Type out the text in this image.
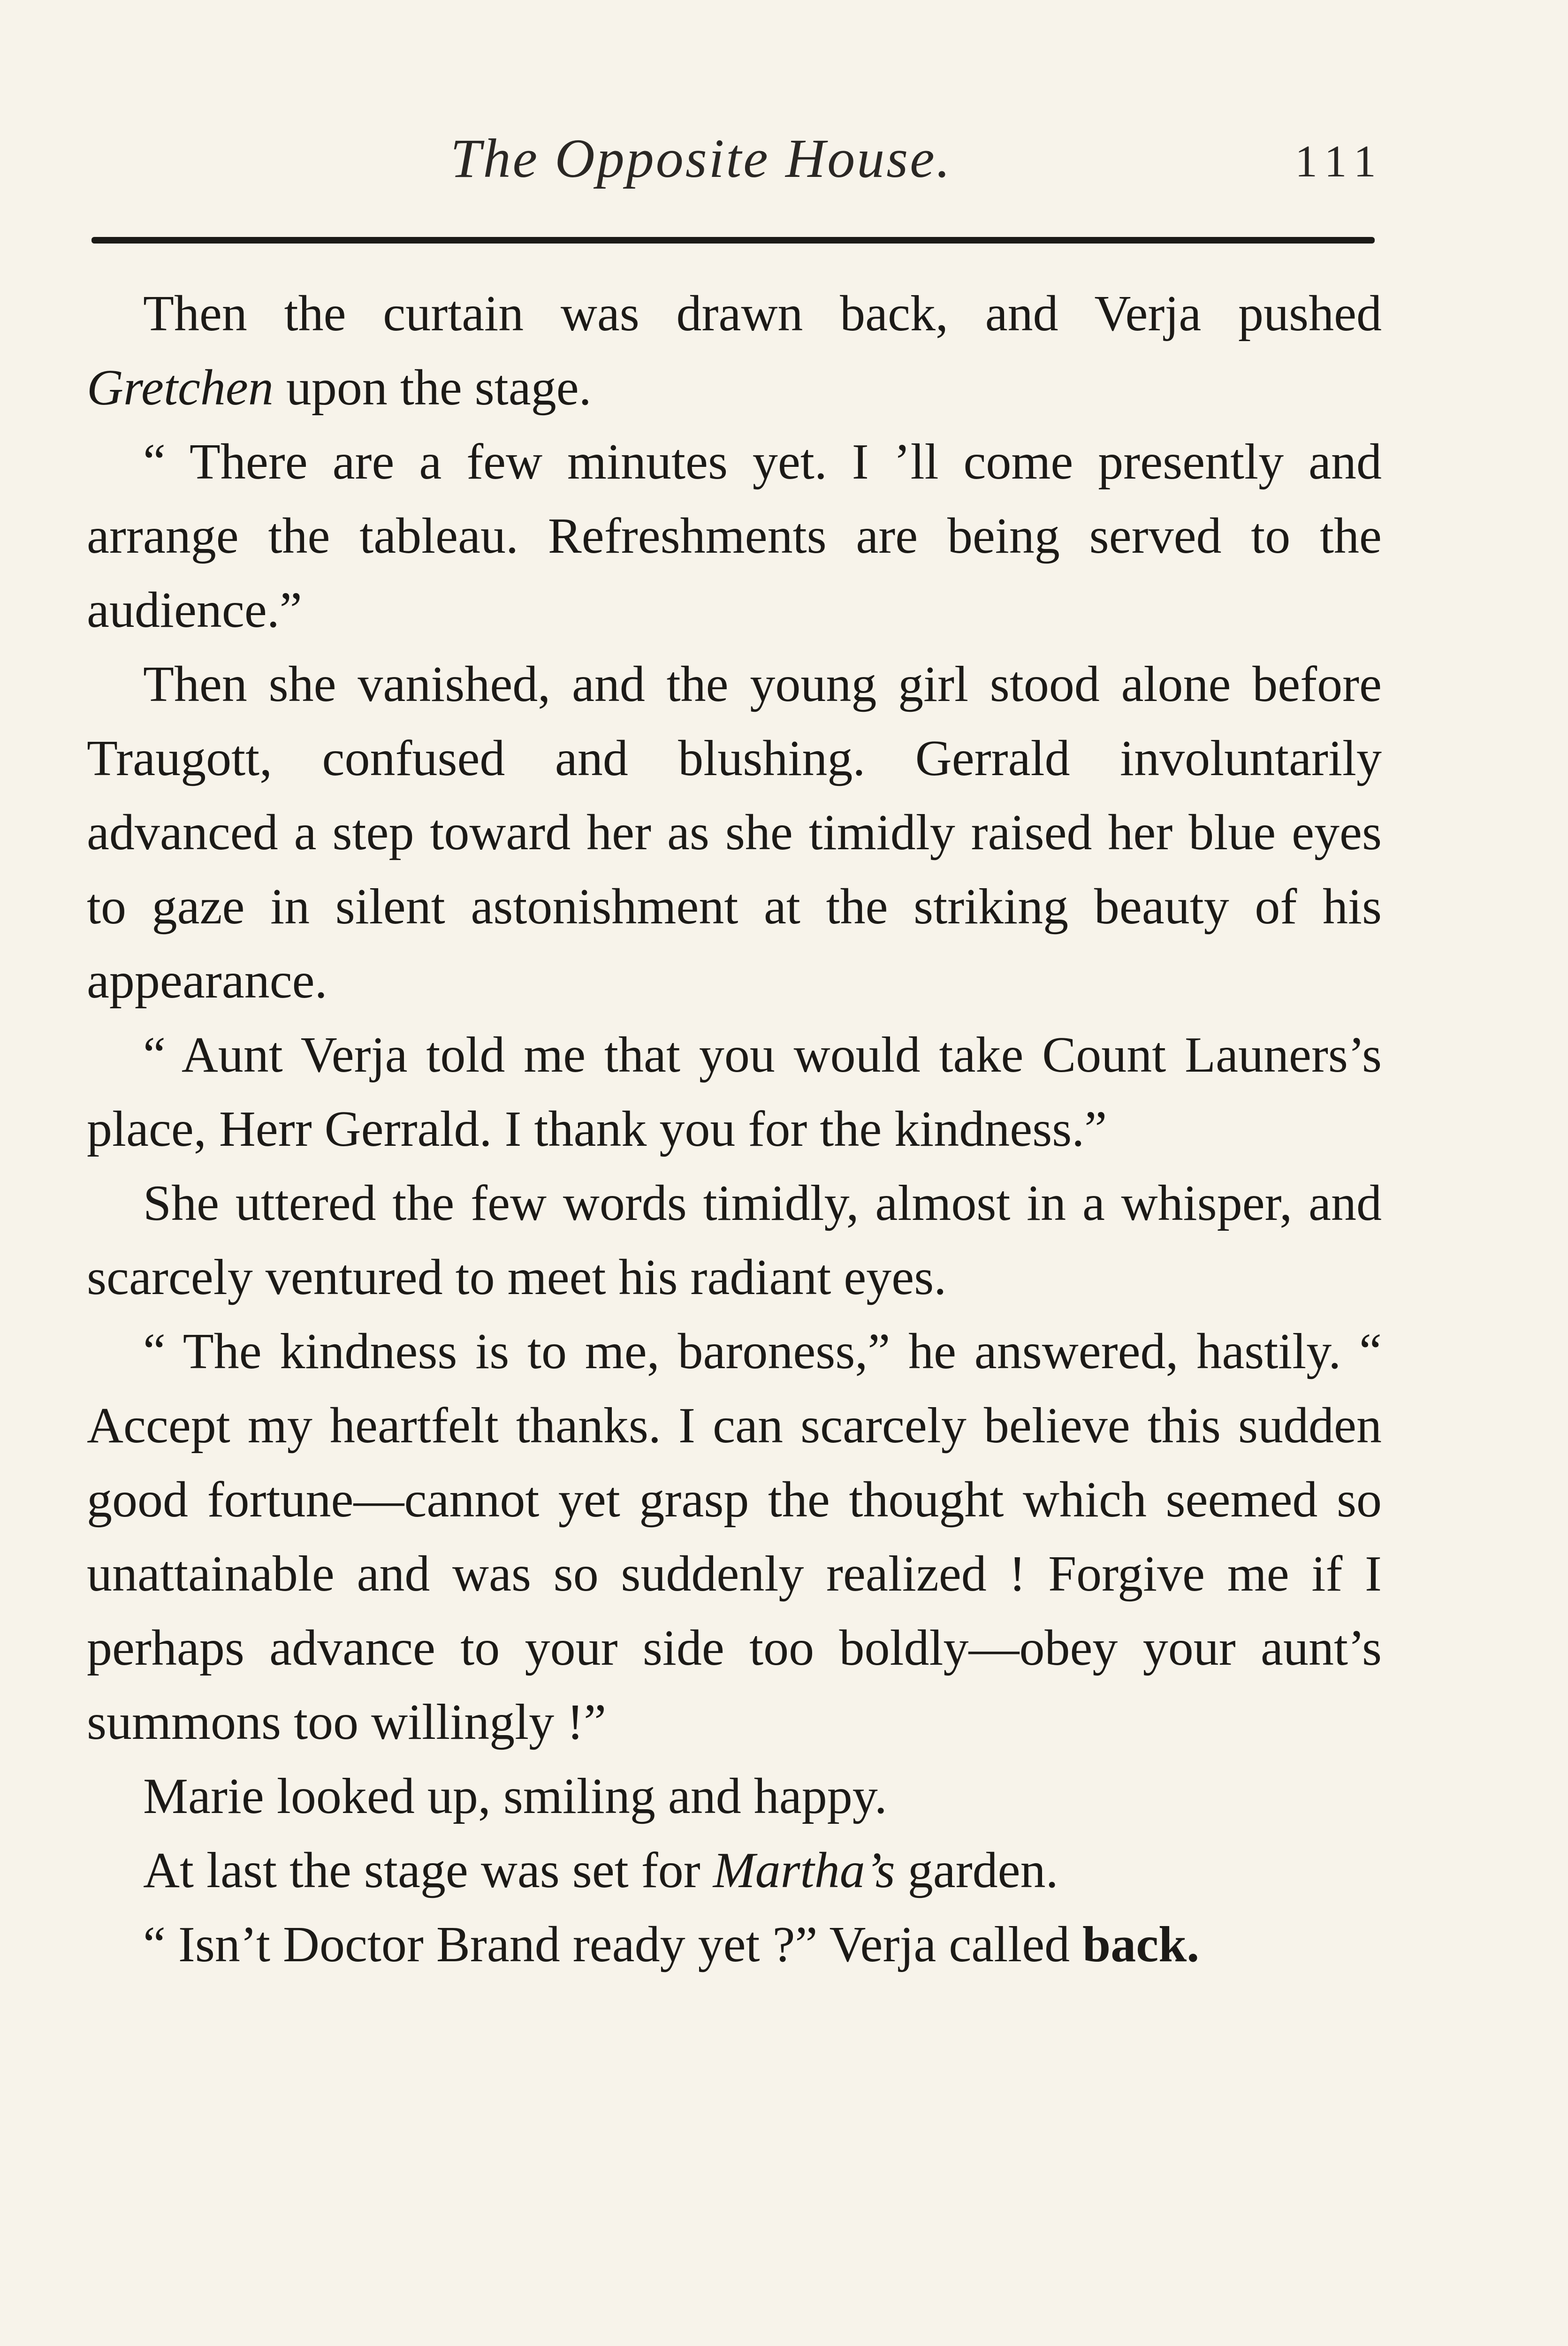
The Opposite House.	111

Then the curtain was drawn back, and Verja pushed Gretchen upon the stage.

“ There are a few minutes yet. I ’ll come presently and arrange the tableau. Refreshments are being served to the audience.”

Then she vanished, and the young girl stood alone before Traugott, confused and blushing. Gerrald involuntarily advanced a step toward her as she timidly raised her blue eyes to gaze in silent astonishment at the striking beauty of his appearance.

“ Aunt Verja told me that you would take Count Launers’s place, Herr Gerrald. I thank you for the kindness.”

She uttered the few words timidly, almost in a whisper, and scarcely ventured to meet his radiant eyes.

“ The kindness is to me, baroness,” he answered, hastily. “ Accept my heartfelt thanks. I can scarcely believe this sudden good fortune—cannot yet grasp the thought which seemed so unattainable and was so suddenly realized ! Forgive me if I perhaps advance to your side too boldly—obey your aunt’s summons too willingly !”

Marie looked up, smiling and happy.

At last the stage was set for Martha’s garden.

“ Isn’t Doctor Brand ready yet ?” Verja called back.
